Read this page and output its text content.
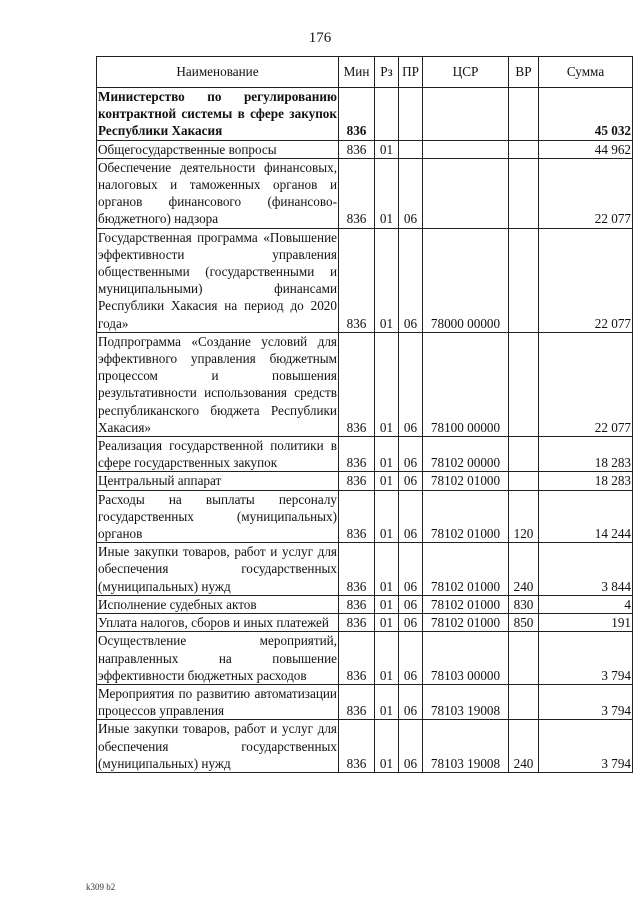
176
Наименование	Мин	Рз	ПР	ЦСР	ВР	Сумма
Министерство по регулированию контрактной системы в сфере закупок Республики Хакасия	836					45 032
Общегосударственные вопросы	836	01				44 962
Обеспечение деятельности финансовых, налоговых и таможенных органов и органов финансового (финансово-бюджетного) надзора	836	01	06			22 077
Государственная программа «Повышение эффективности управления общественными (государственными и муниципальными) финансами Республики Хакасия на период до 2020 года»	836	01	06	78000 00000		22 077
Подпрограмма «Создание условий для эффективного управления бюджетным процессом и повышения результативности использования средств республиканского бюджета Республики Хакасия»	836	01	06	78100 00000		22 077
Реализация государственной политики в сфере государственных закупок	836	01	06	78102 00000		18 283
Центральный аппарат	836	01	06	78102 01000		18 283
Расходы на выплаты персоналу государственных (муниципальных) органов	836	01	06	78102 01000	120	14 244
Иные закупки товаров, работ и услуг для обеспечения государственных (муниципальных) нужд	836	01	06	78102 01000	240	3 844
Исполнение судебных актов	836	01	06	78102 01000	830	4
Уплата налогов, сборов и иных платежей	836	01	06	78102 01000	850	191
Осуществление мероприятий, направленных на повышение эффективности бюджетных расходов	836	01	06	78103 00000		3 794
Мероприятия по развитию автоматизации процессов управления	836	01	06	78103 19008		3 794
Иные закупки товаров, работ и услуг для обеспечения государственных (муниципальных) нужд	836	01	06	78103 19008	240	3 794
k309 b2
